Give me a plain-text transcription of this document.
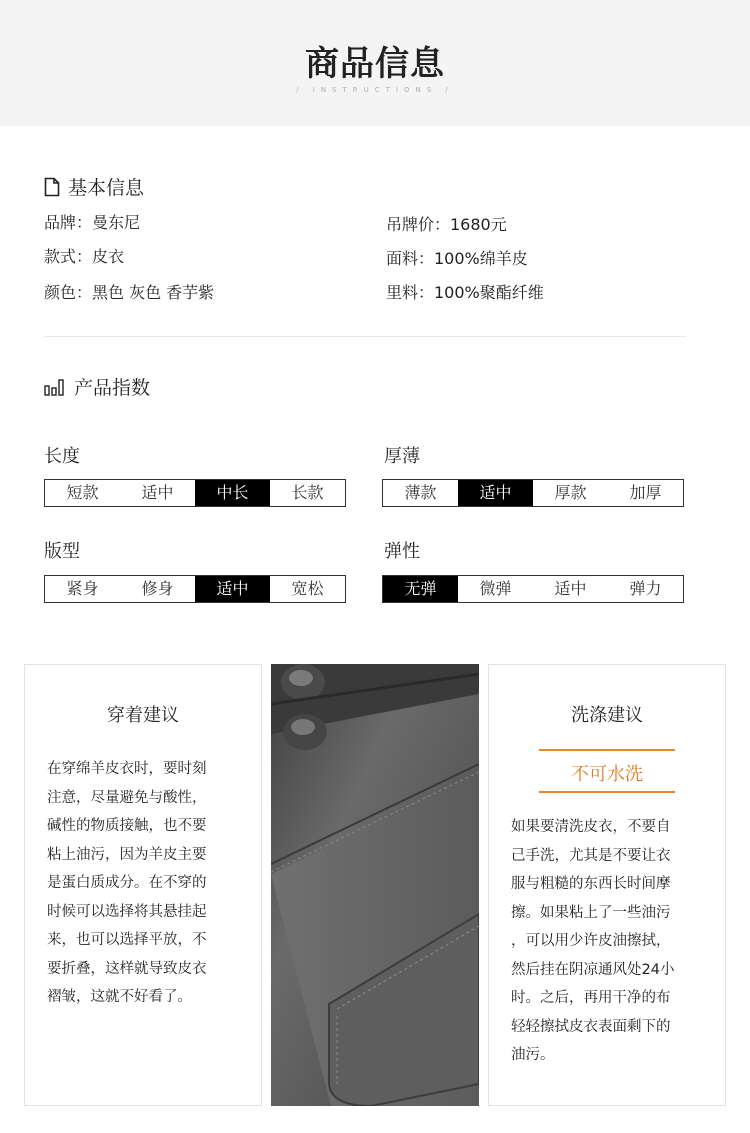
商品信息
/ INSTRUCTIONS /
基本信息
品牌：曼东尼
款式：皮衣
颜色：黑色 灰色 香芋紫
吊牌价：1680元
面料：100%绵羊皮
里料：100%聚酯纤维
产品指数
长度
短款	适中	中长	长款
厚薄
薄款	适中	厚款	加厚
版型
紧身	修身	适中	宽松
弹性
无弹	微弹	适中	弹力
穿着建议
在穿绵羊皮衣时，要时刻
注意，尽量避免与酸性，
碱性的物质接触，也不要
粘上油污，因为羊皮主要
是蛋白质成分。在不穿的
时候可以选择将其悬挂起
来，也可以选择平放，不
要折叠，这样就导致皮衣
褶皱，这就不好看了。
洗涤建议
不可水洗
如果要清洗皮衣，不要自
己手洗，尤其是不要让衣
服与粗糙的东西长时间摩
擦。如果粘上了一些油污
，可以用少许皮油擦拭，
然后挂在阴凉通风处24小
时。之后，再用干净的布
轻轻擦拭皮衣表面剩下的
油污。
